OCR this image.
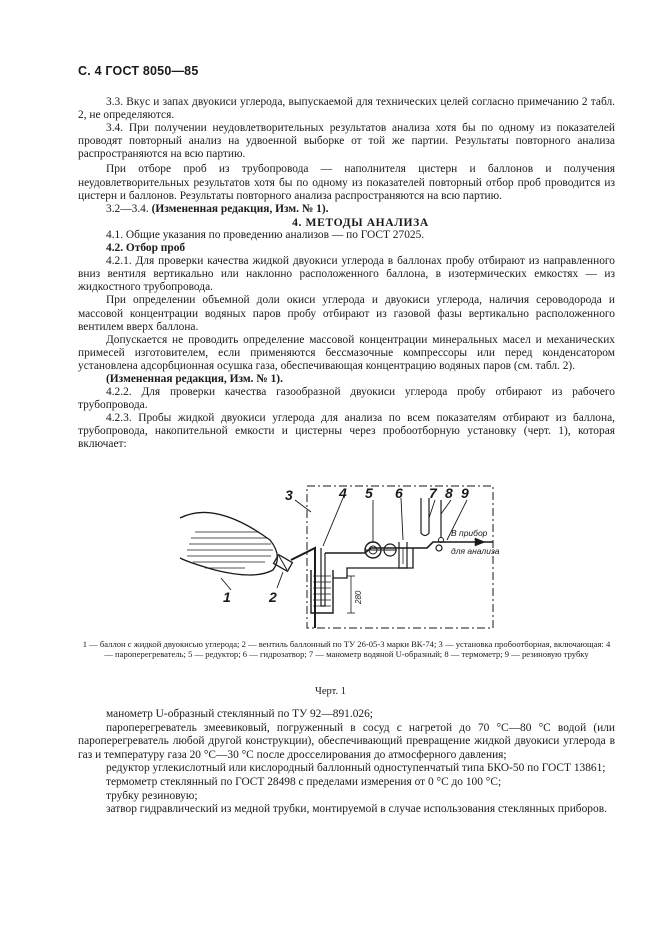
С. 4 ГОСТ 8050—85

3.3. Вкус и запах двуокиси углерода, выпускаемой для технических целей согласно примечанию 2 табл. 2, не определяются.

3.4. При получении неудовлетворительных результатов анализа хотя бы по одному из показателей проводят повторный анализ на удвоенной выборке от той же партии. Результаты повторного анализа распространяются на всю партию.

При отборе проб из трубопровода — наполнителя цистерн и баллонов и получения неудовлетворительных результатов хотя бы по одному из показателей повторный отбор проб проводится из цистерн и баллонов. Результаты повторного анализа распространяются на всю партию.

3.2—3.4. (Измененная редакция, Изм. № 1).

4. МЕТОДЫ АНАЛИЗА

4.1. Общие указания по проведению анализов — по ГОСТ 27025.

4.2. Отбор проб

4.2.1. Для проверки качества жидкой двуокиси углерода в баллонах пробу отбирают из направленного вниз вентиля вертикально или наклонно расположенного баллона, в изотермических емкостях — из жидкостного трубопровода.

При определении объемной доли окиси углерода и двуокиси углерода, наличия сероводорода и массовой концентрации водяных паров пробу отбирают из газовой фазы вертикально расположенного вентилем вверх баллона.

Допускается не проводить определение массовой концентрации минеральных масел и механических примесей изготовителем, если применяются бессмазочные компрессоры или перед конденсатором установлена адсорбционная осушка газа, обеспечивающая концентрацию водяных паров (см. табл. 2).

(Измененная редакция, Изм. № 1).

4.2.2. Для проверки качества газообразной двуокиси углерода пробу отбирают из рабочего трубопровода.

4.2.3. Пробы жидкой двуокиси углерода для анализа по всем показателям отбирают из баллона, трубопровода, накопительной емкости и цистерны через пробоотборную установку (черт. 1), которая включает:

1	2
3	4 5 6 7 8 9
280
В прибор
для анализа
1 — баллон с жидкой двуокисью углерода; 2 — вентиль баллонный по ТУ 26-05-3 марки ВК-74; 3 — установка пробоотборная, включающая: 4 — пароперегреватель; 5 — редуктор; 6 — гидрозатвор; 7 — манометр водяной U-образный; 8 — термометр; 9 — резиновую трубку
Черт. 1

манометр U-образный стеклянный по ТУ 92—891.026;

пароперегреватель змеевиковый, погруженный в сосуд с нагретой до 70 °С—80 °С водой (или пароперегреватель любой другой конструкции), обеспечивающий превращение жидкой двуокиси углерода в газ и температуру газа 20 °С—30 °С после дросселирования до атмосферного давления;

редуктор углекислотный или кислородный баллонный одноступенчатый типа БКО-50 по ГОСТ 13861;

термометр стеклянный по ГОСТ 28498 с пределами измерения от 0 °С до 100 °С;

трубку резиновую;

затвор гидравлический из медной трубки, монтируемой в случае использования стеклянных приборов.
